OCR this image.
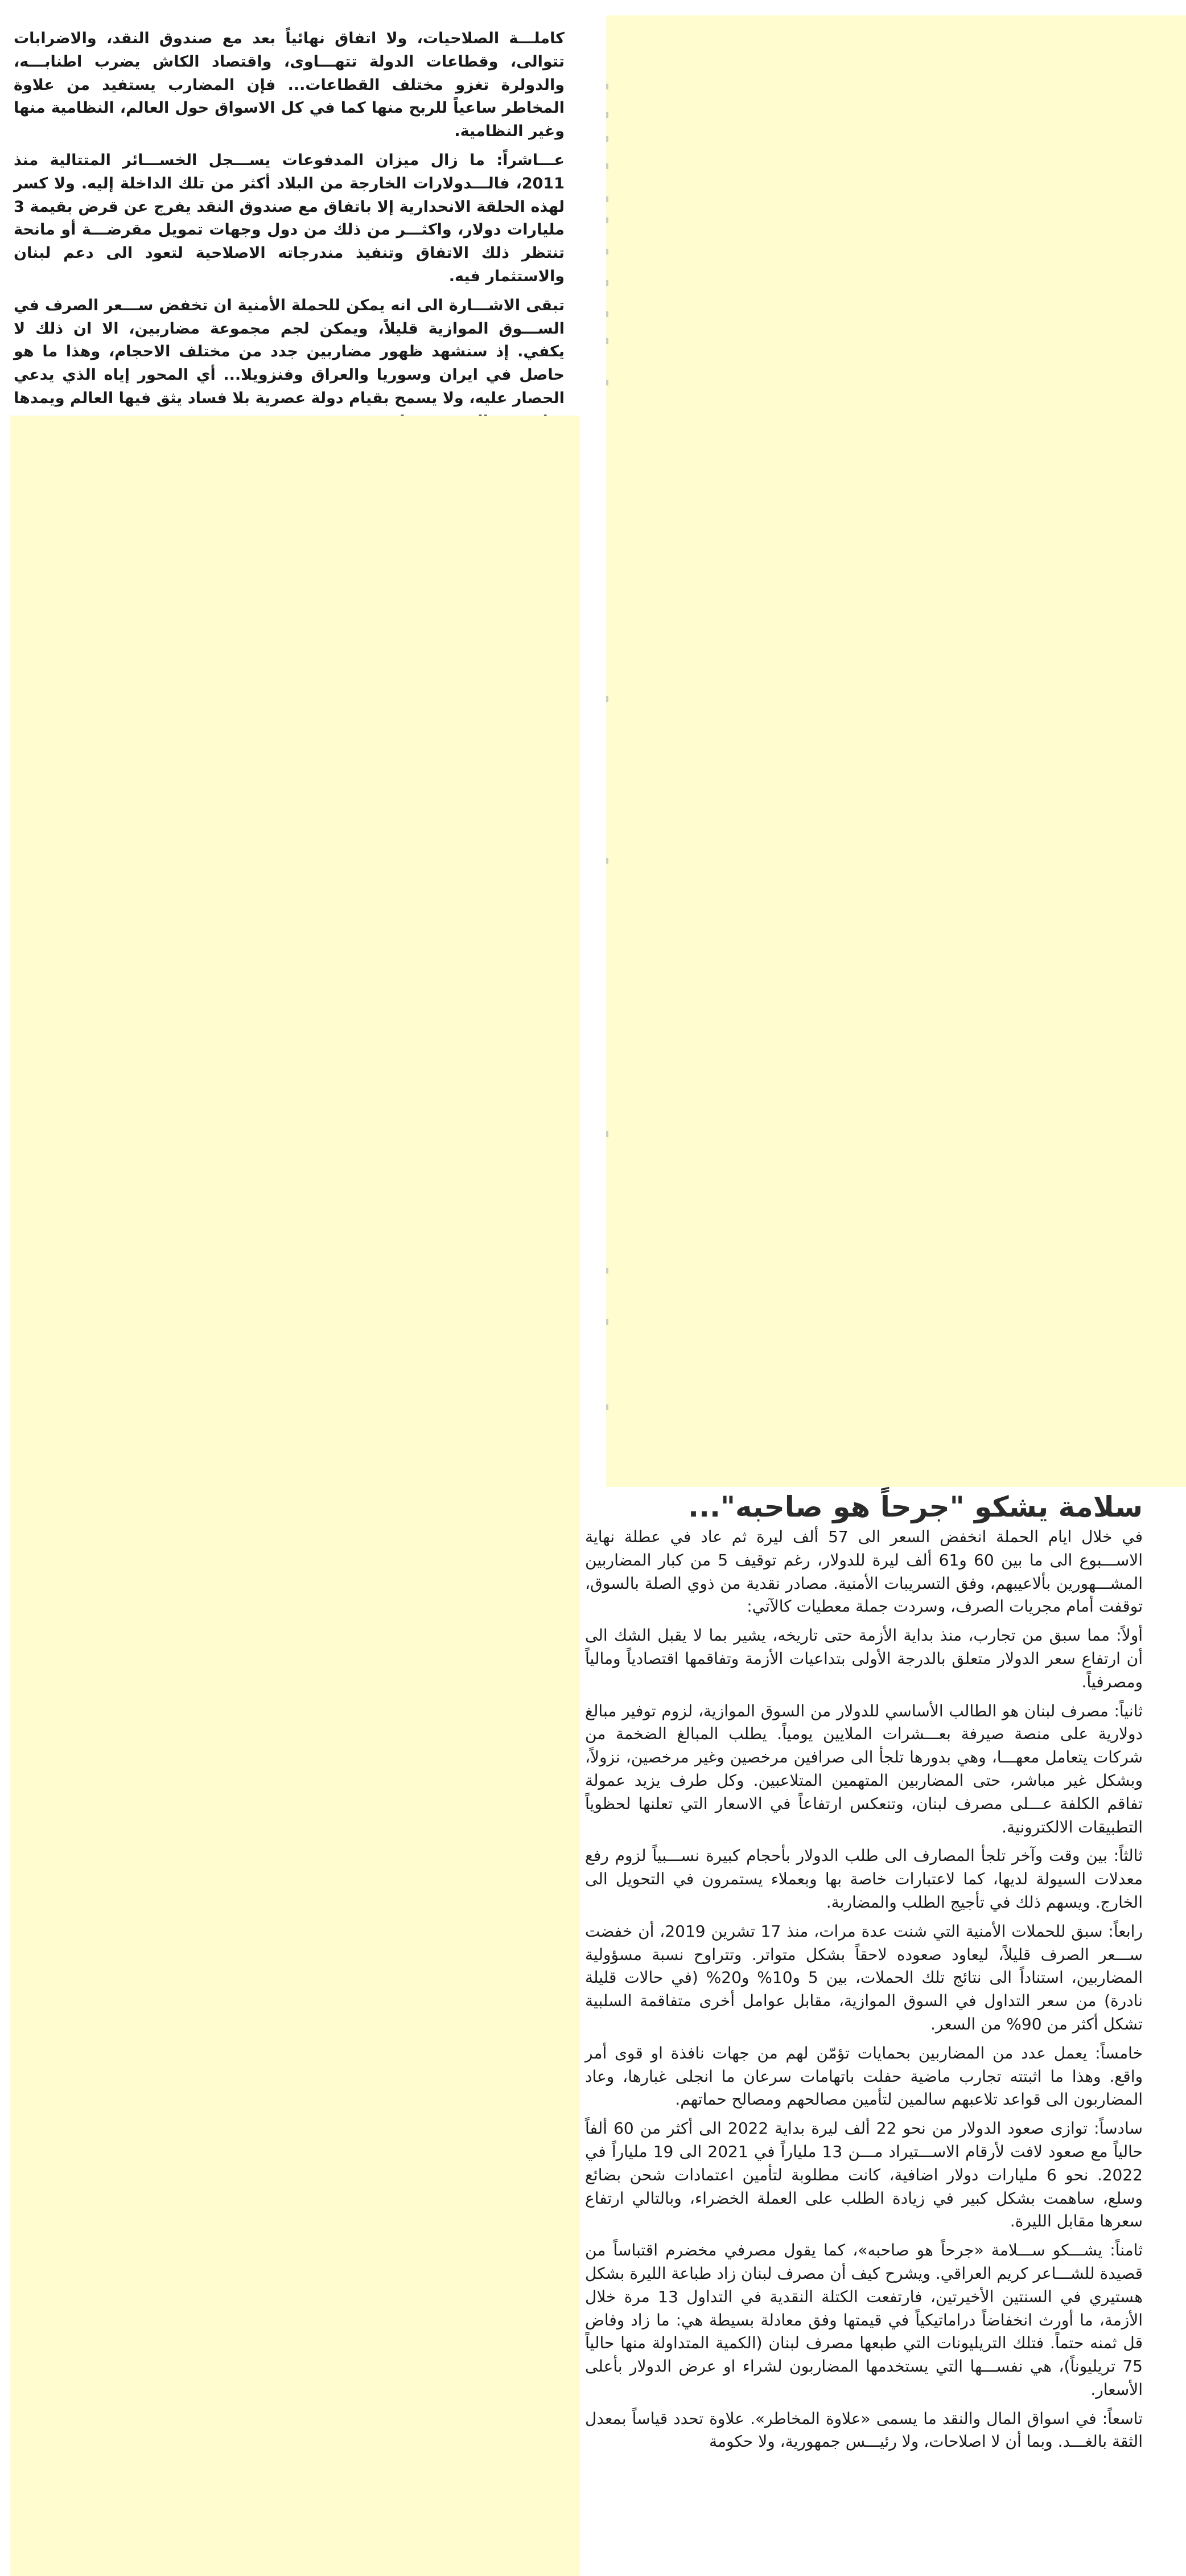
كاملـــة الصلاحيات، ولا اتفاق نهائياً بعد مع صندوق النقد، والاضرابات تتوالى، وقطاعات الدولة تتهـــاوى، واقتصاد الكاش يضرب اطنابـــه، والدولرة تغزو مختلف القطاعات... فإن المضارب يستفيد من علاوة المخاطر ساعياً للربح منها كما في كل الاسواق حول العالم، النظامية منها وغير النظامية.

عـــاشراً: ما زال ميزان المدفوعات يســـجل الخســـائر المتتالية منذ 2011، فالـــدولارات الخارجة من البلاد أكثر من تلك الداخلة إليه. ولا كسر لهذه الحلقة الانحدارية إلا باتفاق مع صندوق النقد يفرج عن قرض بقيمة 3 مليارات دولار، واكثـــر من ذلك من دول وجهات تمويل مقرضـــة أو مانحة تنتظر ذلك الاتفاق وتنفيذ مندرجاته الاصلاحية لتعود الى دعم لبنان والاستثمار فيه.

تبقى الاشـــارة الى انه يمكن للحملة الأمنية ان تخفض ســـعر الصرف في الســـوق الموازية قليلاً، ويمكن لجم مجموعة مضاربين، الا ان ذلك لا يكفي. إذ سنشهد ظهور مضاربين جدد من مختلف الاحجام، وهذا ما هو حاصل في ايران وسوريا والعراق وفنزويلا... أي المحور إياه الذي يدعي الحصار عليه، ولا يسمح بقيام دولة عصرية بلا فساد يثق فيها العالم ويمدها

سلامة يشكو "جرحاً هو صاحبه"...

في خلال ايام الحملة انخفض السعر الى 57 ألف ليرة ثم عاد في عطلة نهاية الاســـبوع الى ما بين 60 و61 ألف ليرة للدولار، رغم توقيف 5 من كبار المضاربين المشـــهورين بألاعيبهم، وفق التسريبات الأمنية. مصادر نقدية من ذوي الصلة بالسوق، توقفت أمام مجريات الصرف، وسردت جملة معطيات كالآتي:

أولاً: مما سبق من تجارب، منذ بداية الأزمة حتى تاريخه، يشير بما لا يقبل الشك الى أن ارتفاع سعر الدولار متعلق بالدرجة الأولى بتداعيات الأزمة وتفاقمها اقتصادياً ومالياً ومصرفياً.

ثانياً: مصرف لبنان هو الطالب الأساسي للدولار من السوق الموازية، لزوم توفير مبالغ دولارية على منصة صيرفة بعـــشرات الملايين يومياً. يطلب المبالغ الضخمة من شركات يتعامل معهـــا، وهي بدورها تلجأ الى صرافين مرخصين وغير مرخصين، نزولاً، وبشكل غير مباشر، حتى المضاربين المتهمين المتلاعبين. وكل طرف يزيد عمولة تفاقم الكلفة عـــلى مصرف لبنان، وتنعكس ارتفاعاً في الاسعار التي تعلنها لحظوياً التطبيقات الالكترونية.

ثالثاً: بين وقت وآخر تلجأ المصارف الى طلب الدولار بأحجام كبيرة نســـبياً لزوم رفع معدلات السيولة لديها، كما لاعتبارات خاصة بها وبعملاء يستمرون في التحويل الى الخارج. ويسهم ذلك في تأجيج الطلب والمضاربة.

رابعاً: سبق للحملات الأمنية التي شنت عدة مرات، منذ 17 تشرين 2019، أن خفضت ســـعر الصرف قليلاً، ليعاود صعوده لاحقاً بشكل متواتر. وتتراوح نسبة مسؤولية المضاربين، استناداً الى نتائج تلك الحملات، بين 5 و10% و20% (في حالات قليلة نادرة) من سعر التداول في السوق الموازية، مقابل عوامل أخرى متفاقمة السلبية تشكل أكثر من 90% من السعر.

خامساً: يعمل عدد من المضاربين بحمايات تؤمّن لهم من جهات نافذة او قوى أمر واقع. وهذا ما اثبتته تجارب ماضية حفلت باتهامات سرعان ما انجلى غبارها، وعاد المضاربون الى قواعد تلاعبهم سالمين لتأمين مصالحهم ومصالح حماتهم.

سادساً: توازى صعود الدولار من نحو 22 ألف ليرة بداية 2022 الى أكثر من 60 ألفاً حالياً مع صعود لافت لأرقام الاســـتيراد مـــن 13 ملياراً في 2021 الى 19 ملياراً في 2022. نحو 6 مليارات دولار اضافية، كانت مطلوبة لتأمين اعتمادات شحن بضائع وسلع، ساهمت بشكل كبير في زيادة الطلب على العملة الخضراء، وبالتالي ارتفاع سعرها مقابل الليرة.

ثامناً: يشـــكو ســـلامة «جرحاً هو صاحبه»، كما يقول مصرفي مخضرم اقتباساً من قصيدة للشـــاعر كريم العراقي. ويشرح كيف أن مصرف لبنان زاد طباعة الليرة بشكل هستيري في السنتين الأخيرتين، فارتفعت الكتلة النقدية في التداول 13 مرة خلال الأزمة، ما أورث انخفاضاً دراماتيكياً في قيمتها وفق معادلة بسيطة هي: ما زاد وفاض قل ثمنه حتماً. فتلك التريليونات التي طبعها مصرف لبنان (الكمية المتداولة منها حالياً 75 تريليوناً)، هي نفســـها التي يستخدمها المضاربون لشراء او عرض الدولار بأعلى الأسعار.

تاسعاً: في اسواق المال والنقد ما يسمى «علاوة المخاطر». علاوة تحدد قياساً بمعدل الثقة بالغـــد. وبما أن لا اصلاحات، ولا رئيـــس جمهورية، ولا حكومة
